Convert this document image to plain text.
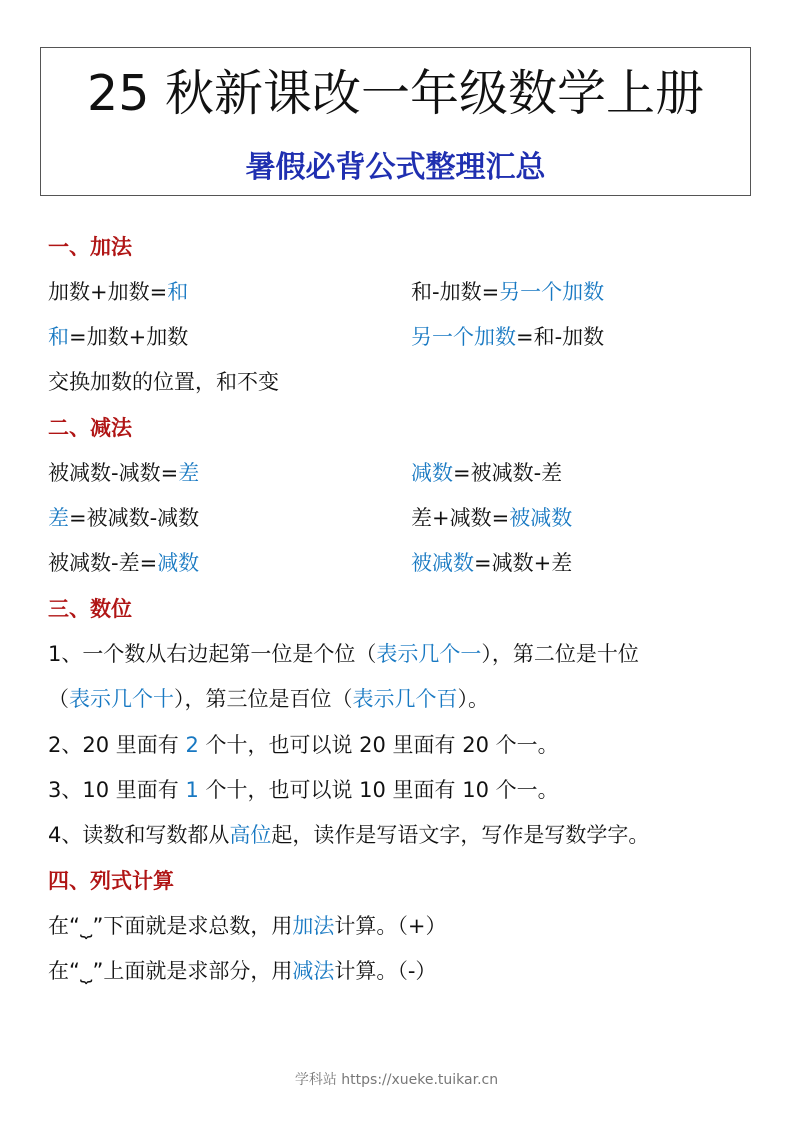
25 秋新课改一年级数学上册
暑假必背公式整理汇总
一、加法
加数+加数=和	和-加数=另一个加数
和=加数+加数	另一个加数=和-加数
交换加数的位置，和不变
二、减法
被减数-减数=差	减数=被减数-差
差=被减数-减数	差+减数=被减数
被减数-差=减数	被减数=减数+差
三、数位
1、一个数从右边起第一位是个位（表示几个一），第二位是十位
（表示几个十），第三位是百位（表示几个百）。
2、20 里面有 2 个十，也可以说 20 里面有 20 个一。
3、10 里面有 1 个十，也可以说 10 里面有 10 个一。
4、读数和写数都从高位起，读作是写语文字，写作是写数学字。
四、列式计算
在“⏟”下面就是求总数，用加法计算。（+）
在“⏟”上面就是求部分，用减法计算。（-）
学科站 https://xueke.tuikar.cn
